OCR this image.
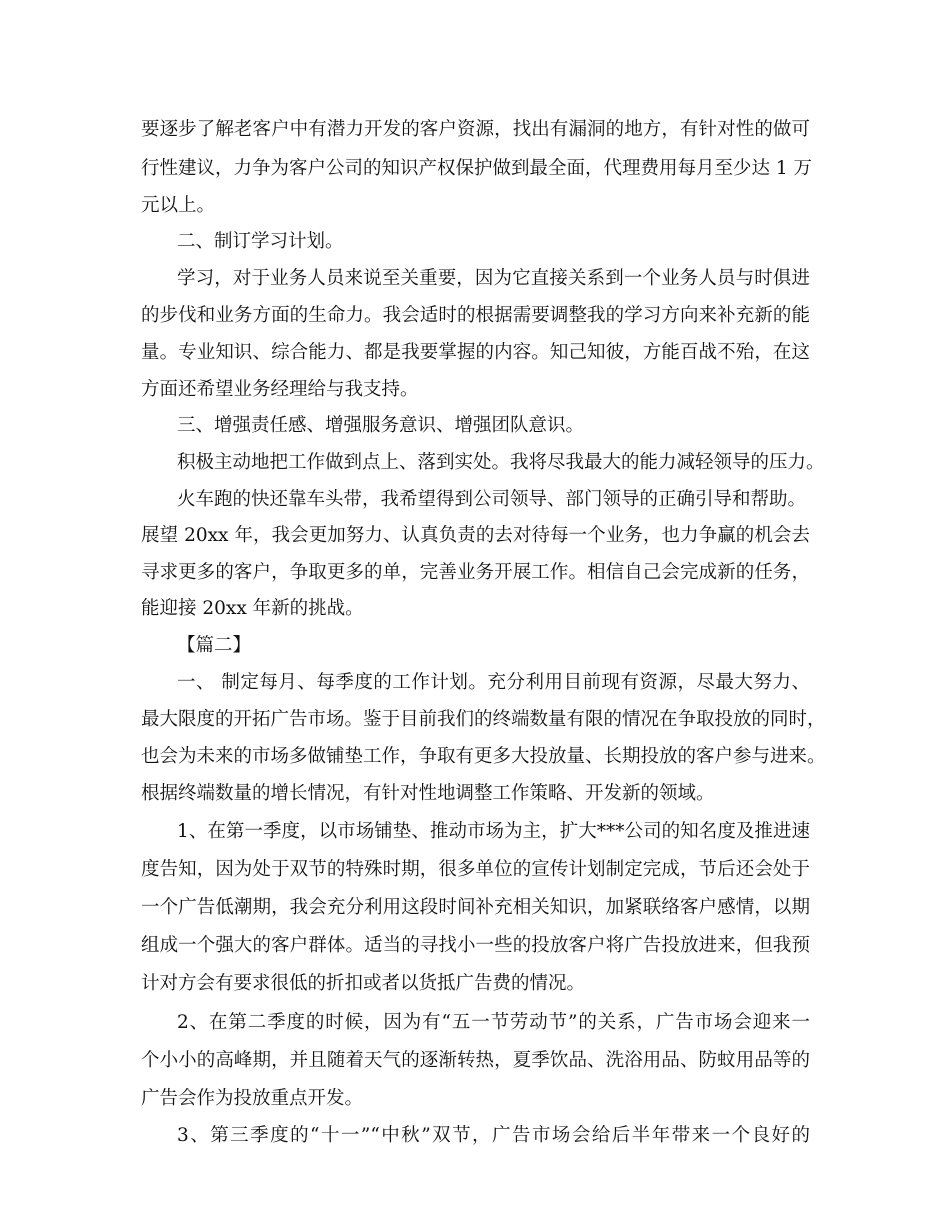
要逐步了解老客户中有潜力开发的客户资源，找出有漏洞的地方，有针对性的做可
行性建议，力争为客户公司的知识产权保护做到最全面，代理费用每月至少达 1 万
元以上。
二、制订学习计划。
学习，对于业务人员来说至关重要，因为它直接关系到一个业务人员与时俱进
的步伐和业务方面的生命力。我会适时的根据需要调整我的学习方向来补充新的能
量。专业知识、综合能力、都是我要掌握的内容。知己知彼，方能百战不殆，在这
方面还希望业务经理给与我支持。
三、增强责任感、增强服务意识、增强团队意识。
积极主动地把工作做到点上、落到实处。我将尽我最大的能力减轻领导的压力。
火车跑的快还靠车头带，我希望得到公司领导、部门领导的正确引导和帮助。
展望 20xx 年，我会更加努力、认真负责的去对待每一个业务，也力争赢的机会去
寻求更多的客户，争取更多的单，完善业务开展工作。相信自己会完成新的任务，
能迎接 20xx 年新的挑战。
【篇二】
一、 制定每月、每季度的工作计划。充分利用目前现有资源，尽最大努力、
最大限度的开拓广告市场。鉴于目前我们的终端数量有限的情况在争取投放的同时，
也会为未来的市场多做铺垫工作，争取有更多大投放量、长期投放的客户参与进来。
根据终端数量的增长情况，有针对性地调整工作策略、开发新的领域。
1、在第一季度，以市场铺垫、推动市场为主，扩大***公司的知名度及推进速
度告知，因为处于双节的特殊时期，很多单位的宣传计划制定完成，节后还会处于
一个广告低潮期，我会充分利用这段时间补充相关知识，加紧联络客户感情，以期
组成一个强大的客户群体。适当的寻找小一些的投放客户将广告投放进来，但我预
计对方会有要求很低的折扣或者以货抵广告费的情况。
2、在第二季度的时候，因为有“五一节劳动节”的关系，广告市场会迎来一
个小小的高峰期，并且随着天气的逐渐转热，夏季饮品、洗浴用品、防蚊用品等的
广告会作为投放重点开发。
3、第三季度的“十一”“中秋”双节，广告市场会给后半年带来一个良好的
